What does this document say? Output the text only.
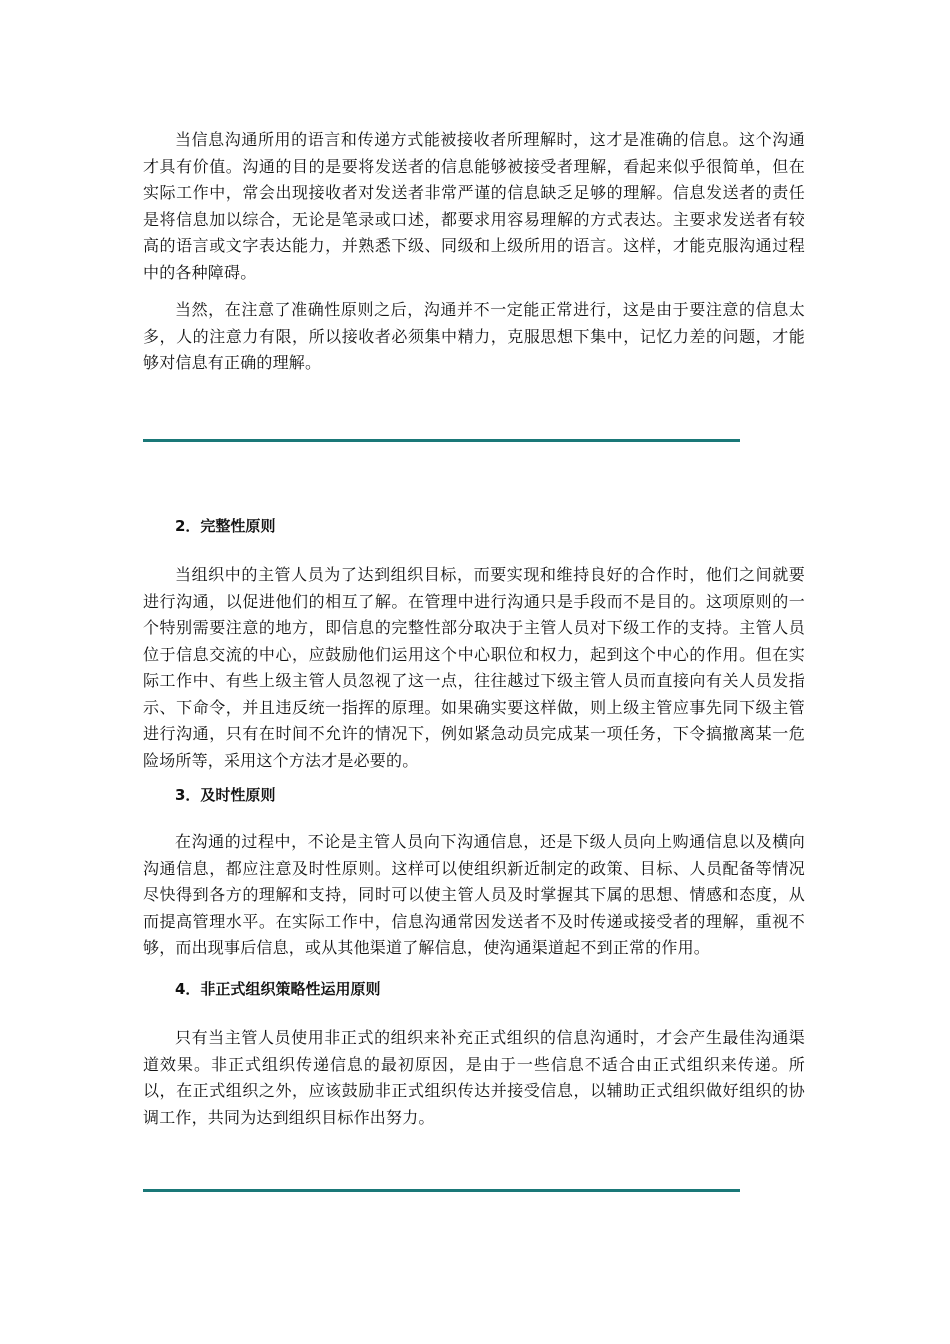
当信息沟通所用的语言和传递方式能被接收者所理解时，这才是准确的信息。这个沟通才具有价值。沟通的目的是要将发送者的信息能够被接受者理解，看起来似乎很简单，但在实际工作中，常会出现接收者对发送者非常严谨的信息缺乏足够的理解。信息发送者的责任是将信息加以综合，无论是笔录或口述，都要求用容易理解的方式表达。主要求发送者有较高的语言或文字表达能力，并熟悉下级、同级和上级所用的语言。这样，才能克服沟通过程中的各种障碍。

当然，在注意了准确性原则之后，沟通并不一定能正常进行，这是由于要注意的信息太多，人的注意力有限，所以接收者必须集中精力，克服思想下集中，记忆力差的问题，才能够对信息有正确的理解。

2．完整性原则

当组织中的主管人员为了达到组织目标，而要实现和维持良好的合作时，他们之间就要进行沟通，以促进他们的相互了解。在管理中进行沟通只是手段而不是目的。这项原则的一个特别需要注意的地方，即信息的完整性部分取决于主管人员对下级工作的支持。主管人员位于信息交流的中心，应鼓励他们运用这个中心职位和权力，起到这个中心的作用。但在实际工作中、有些上级主管人员忽视了这一点，往往越过下级主管人员而直接向有关人员发指示、下命令，并且违反统一指挥的原理。如果确实要这样做，则上级主管应事先同下级主管进行沟通，只有在时间不允许的情况下，例如紧急动员完成某一项任务，下令搞撤离某一危险场所等，采用这个方法才是必要的。

3．及时性原则

在沟通的过程中，不论是主管人员向下沟通信息，还是下级人员向上购通信息以及横向沟通信息，都应注意及时性原则。这样可以使组织新近制定的政策、目标、人员配备等情况尽快得到各方的理解和支持，同时可以使主管人员及时掌握其下属的思想、情感和态度，从而提高管理水平。在实际工作中，信息沟通常因发送者不及时传递或接受者的理解，重视不够，而出现事后信息，或从其他渠道了解信息，使沟通渠道起不到正常的作用。

4．非正式组织策略性运用原则

只有当主管人员使用非正式的组织来补充正式组织的信息沟通时，才会产生最佳沟通渠道效果。非正式组织传递信息的最初原因，是由于一些信息不适合由正式组织来传递。所以，在正式组织之外，应该鼓励非正式组织传达并接受信息，以辅助正式组织做好组织的协调工作，共同为达到组织目标作出努力。
